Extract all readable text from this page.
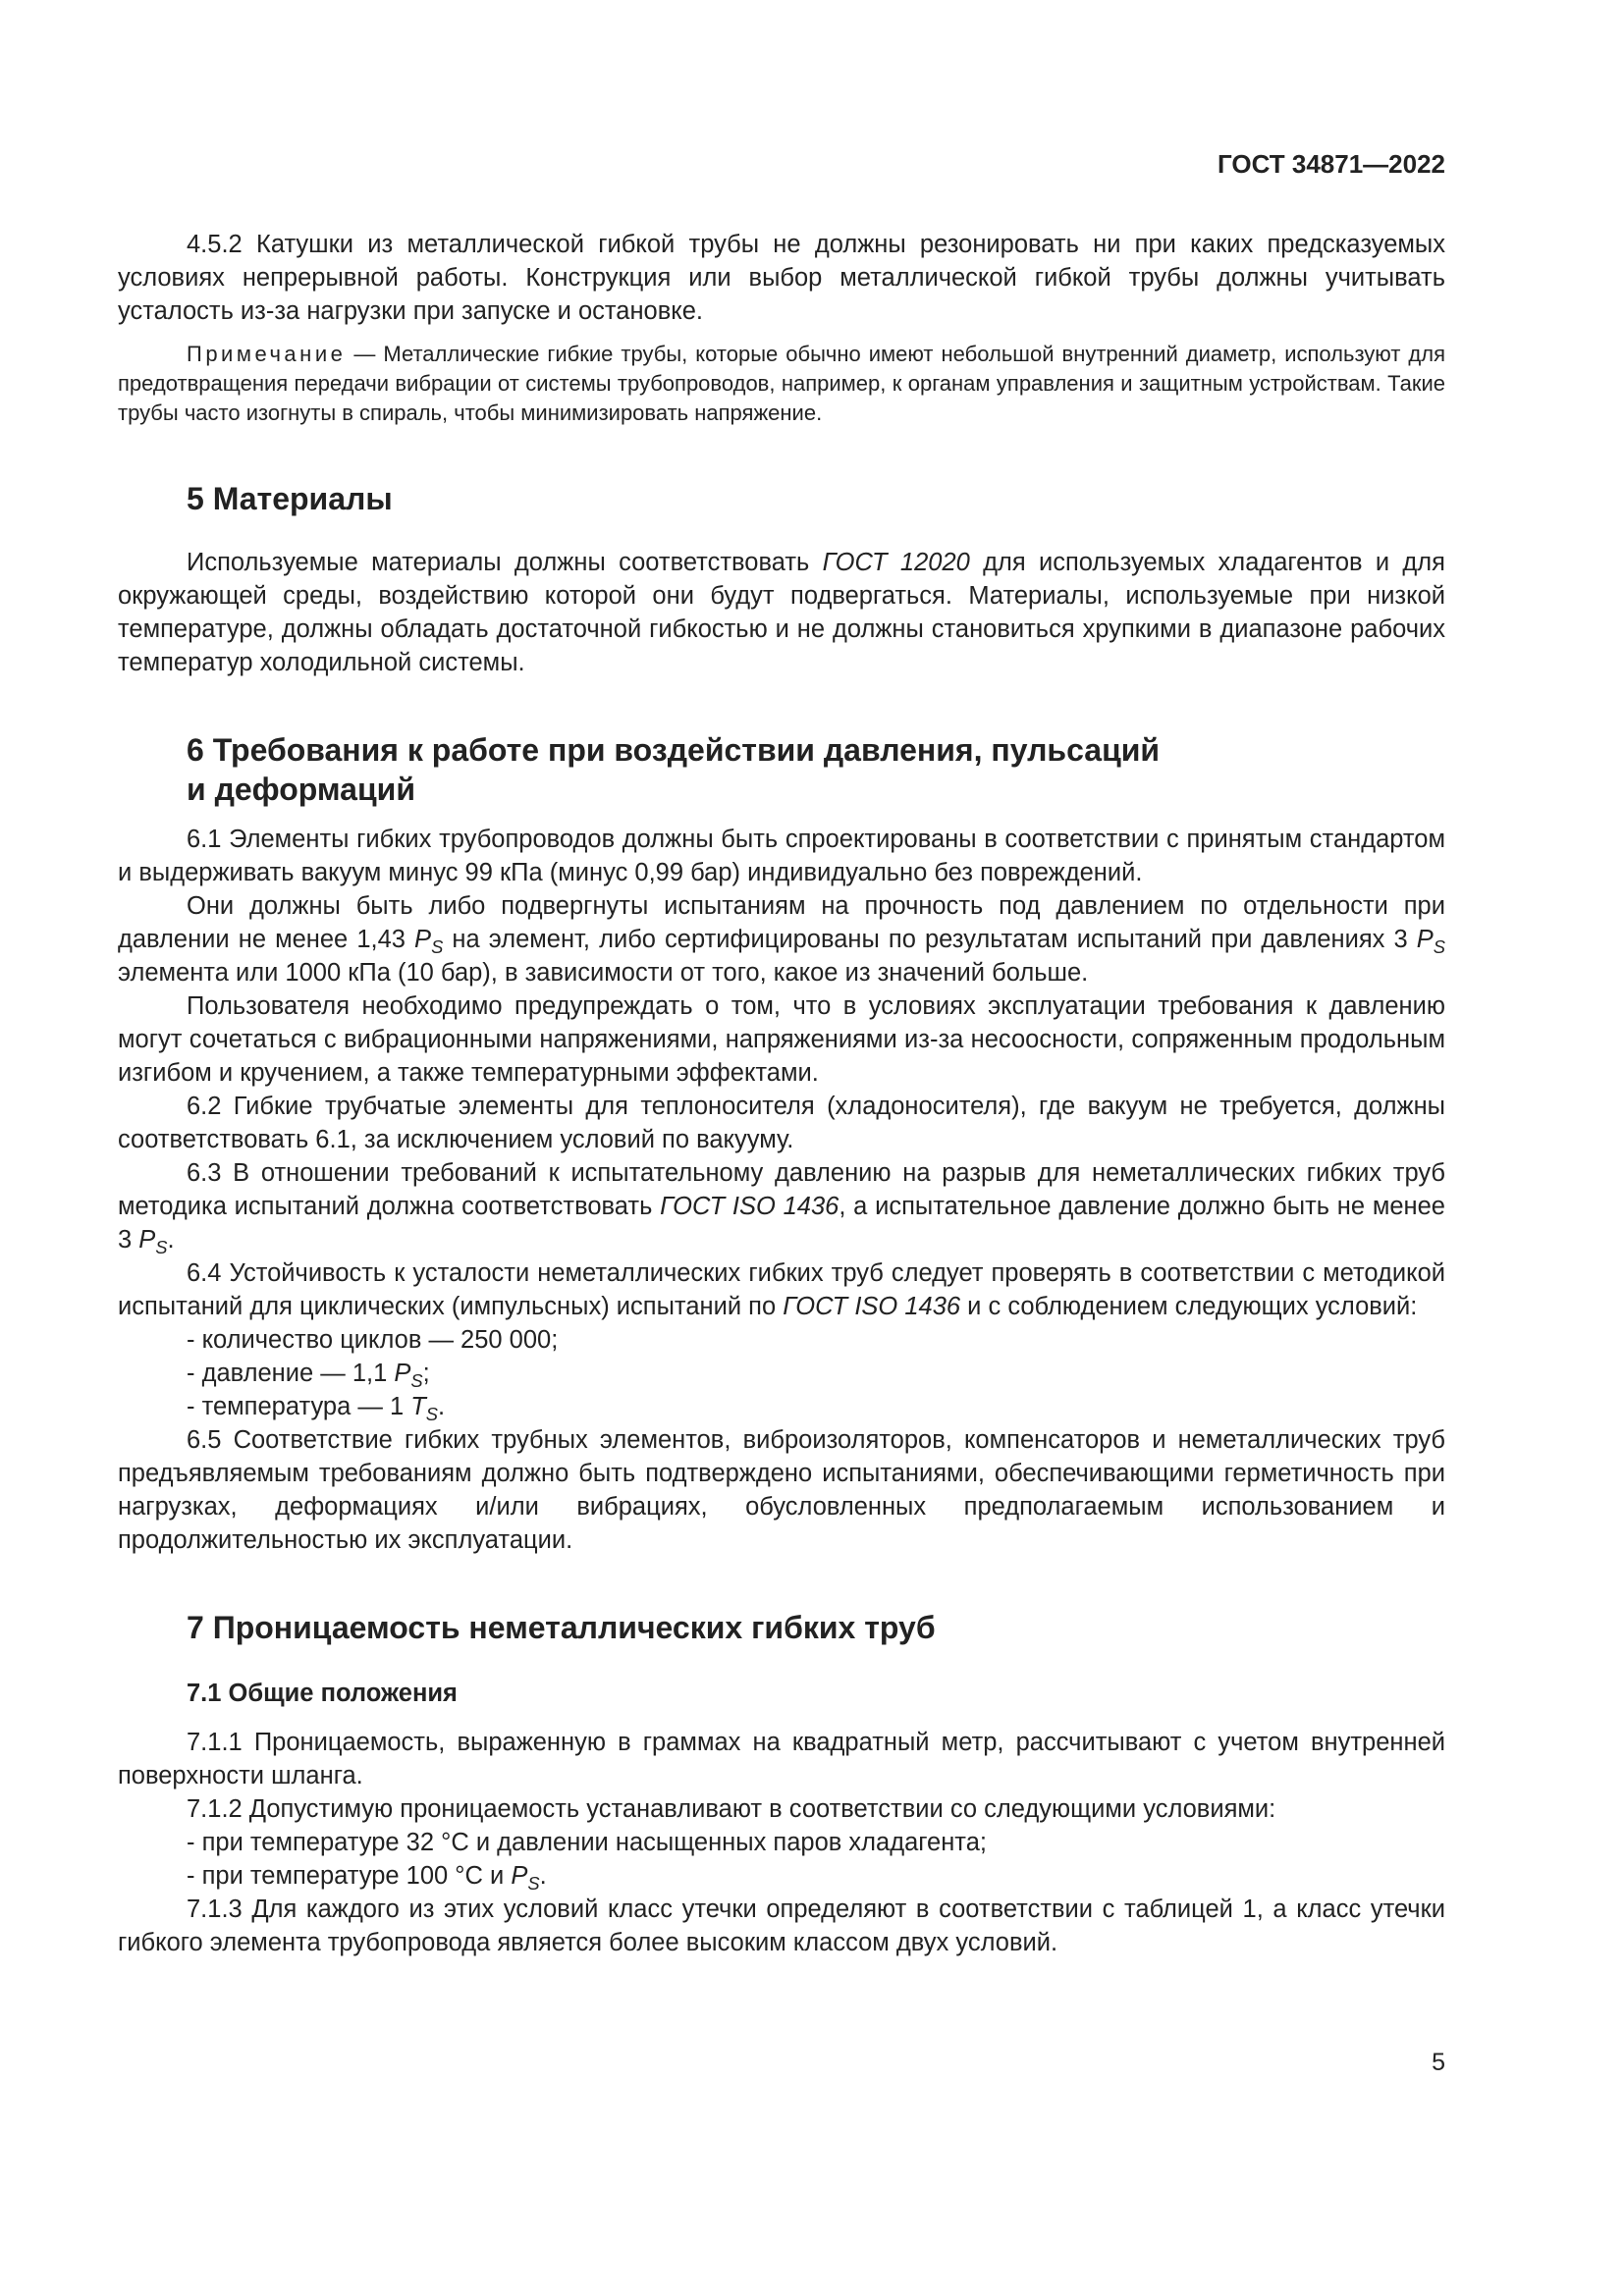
ГОСТ 34871—2022

4.5.2 Катушки из металлической гибкой трубы не должны резонировать ни при каких предсказуемых условиях непрерывной работы. Конструкция или выбор металлической гибкой трубы должны учитывать усталость из-за нагрузки при запуске и остановке.

Примечание — Металлические гибкие трубы, которые обычно имеют небольшой внутренний диаметр, используют для предотвращения передачи вибрации от системы трубопроводов, например, к органам управления и защитным устройствам. Такие трубы часто изогнуты в спираль, чтобы минимизировать напряжение.

5 Материалы

Используемые материалы должны соответствовать ГОСТ 12020 для используемых хладагентов и для окружающей среды, воздействию которой они будут подвергаться. Материалы, используемые при низкой температуре, должны обладать достаточной гибкостью и не должны становиться хрупкими в диапазоне рабочих температур холодильной системы.

6 Требования к работе при воздействии давления, пульсаций
и деформаций

6.1 Элементы гибких трубопроводов должны быть спроектированы в соответствии с принятым стандартом и выдерживать вакуум минус 99 кПа (минус 0,99 бар) индивидуально без повреждений.

Они должны быть либо подвергнуты испытаниям на прочность под давлением по отдельности при давлении не менее 1,43 $P_S$ на элемент, либо сертифицированы по результатам испытаний при давлениях 3 $P_S$ элемента или 1000 кПа (10 бар), в зависимости от того, какое из значений больше.

Пользователя необходимо предупреждать о том, что в условиях эксплуатации требования к давлению могут сочетаться с вибрационными напряжениями, напряжениями из-за несоосности, сопряженным продольным изгибом и кручением, а также температурными эффектами.

6.2 Гибкие трубчатые элементы для теплоносителя (хладоносителя), где вакуум не требуется, должны соответствовать 6.1, за исключением условий по вакууму.

6.3 В отношении требований к испытательному давлению на разрыв для неметаллических гибких труб методика испытаний должна соответствовать ГОСТ ISO 1436, а испытательное давление должно быть не менее 3 $P_S$.

6.4 Устойчивость к усталости неметаллических гибких труб следует проверять в соответствии с методикой испытаний для циклических (импульсных) испытаний по ГОСТ ISO 1436 и с соблюдением следующих условий:

- количество циклов — 250 000;

- давление — 1,1 $P_S$;

- температура — 1 $T_S$.

6.5 Соответствие гибких трубных элементов, виброизоляторов, компенсаторов и неметаллических труб предъявляемым требованиям должно быть подтверждено испытаниями, обеспечивающими герметичность при нагрузках, деформациях и/или вибрациях, обусловленных предполагаемым использованием и продолжительностью их эксплуатации.

7 Проницаемость неметаллических гибких труб
7.1 Общие положения

7.1.1 Проницаемость, выраженную в граммах на квадратный метр, рассчитывают с учетом внутренней поверхности шланга.

7.1.2 Допустимую проницаемость устанавливают в соответствии со следующими условиями:

- при температуре 32 °С и давлении насыщенных паров хладагента;

- при температуре 100 °С и $P_S$.

7.1.3 Для каждого из этих условий класс утечки определяют в соответствии с таблицей 1, а класс утечки гибкого элемента трубопровода является более высоким классом двух условий.

5
